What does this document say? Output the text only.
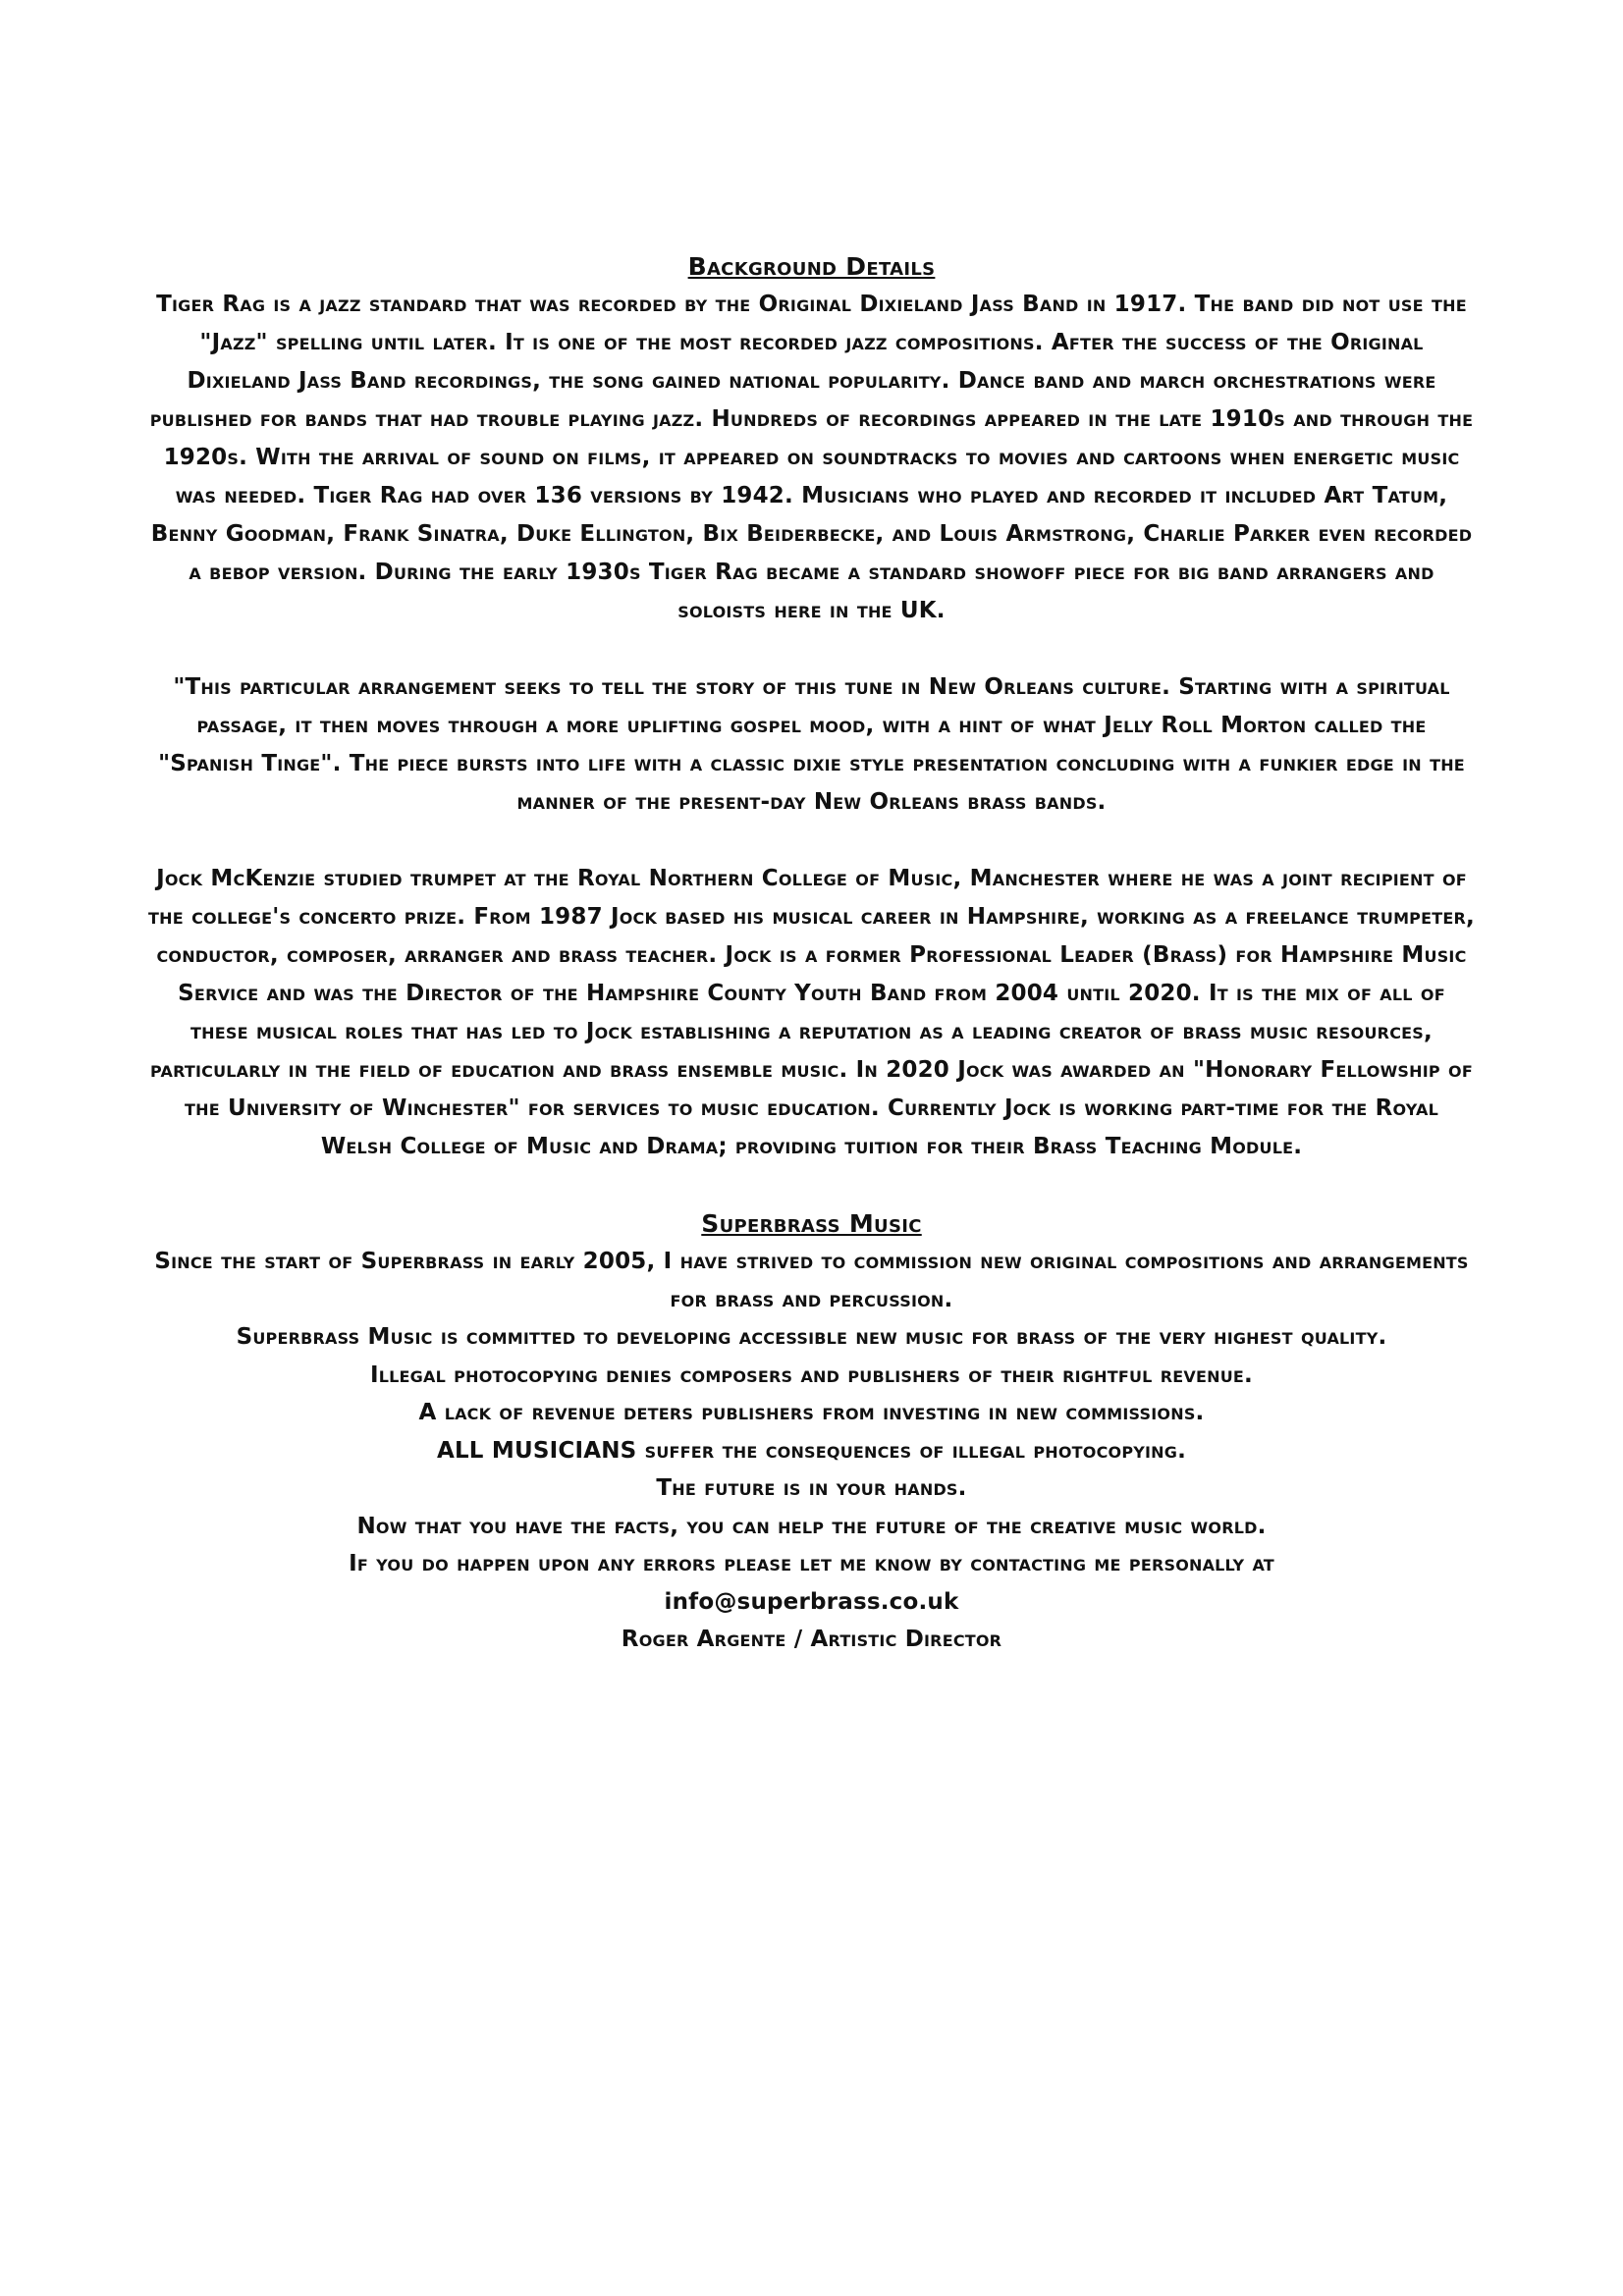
Background Details

Tiger Rag is a jazz standard that was recorded by the Original Dixieland Jass Band in 1917. The band did not use the "Jazz" spelling until later. It is one of the most recorded jazz compositions. After the success of the Original Dixieland Jass Band recordings, the song gained national popularity. Dance band and march orchestrations were published for bands that had trouble playing jazz. Hundreds of recordings appeared in the late 1910s and through the 1920s. With the arrival of sound on films, it appeared on soundtracks to movies and cartoons when energetic music was needed. Tiger Rag had over 136 versions by 1942. Musicians who played and recorded it included Art Tatum, Benny Goodman, Frank Sinatra, Duke Ellington, Bix Beiderbecke, and Louis Armstrong, Charlie Parker even recorded a bebop version. During the early 1930s Tiger Rag became a standard showoff piece for big band arrangers and soloists here in the UK.

"This particular arrangement seeks to tell the story of this tune in New Orleans culture. Starting with a spiritual passage, it then moves through a more uplifting gospel mood, with a hint of what Jelly Roll Morton called the "Spanish Tinge". The piece bursts into life with a classic dixie style presentation concluding with a funkier edge in the manner of the present-day New Orleans brass bands.

Jock McKenzie studied trumpet at the Royal Northern College of Music, Manchester where he was a joint recipient of the college's concerto prize. From 1987 Jock based his musical career in Hampshire, working as a freelance trumpeter, conductor, composer, arranger and brass teacher. Jock is a former Professional Leader (Brass) for Hampshire Music Service and was the Director of the Hampshire County Youth Band from 2004 until 2020. It is the mix of all of these musical roles that has led to Jock establishing a reputation as a leading creator of brass music resources, particularly in the field of education and brass ensemble music. In 2020 Jock was awarded an "Honorary Fellowship of the University of Winchester" for services to music education. Currently Jock is working part-time for the Royal Welsh College of Music and Drama; providing tuition for their Brass Teaching Module.

Superbrass Music

Since the start of Superbrass in early 2005, I have strived to commission new original compositions and arrangements for brass and percussion.

Superbrass Music is committed to developing accessible new music for brass of the very highest quality.

Illegal photocopying denies composers and publishers of their rightful revenue.

A lack of revenue deters publishers from investing in new commissions.

ALL MUSICIANS suffer the consequences of illegal photocopying.

The future is in your hands.

Now that you have the facts, you can help the future of the creative music world.

If you do happen upon any errors please let me know by contacting me personally at

info@superbrass.co.uk

Roger Argente / Artistic Director
